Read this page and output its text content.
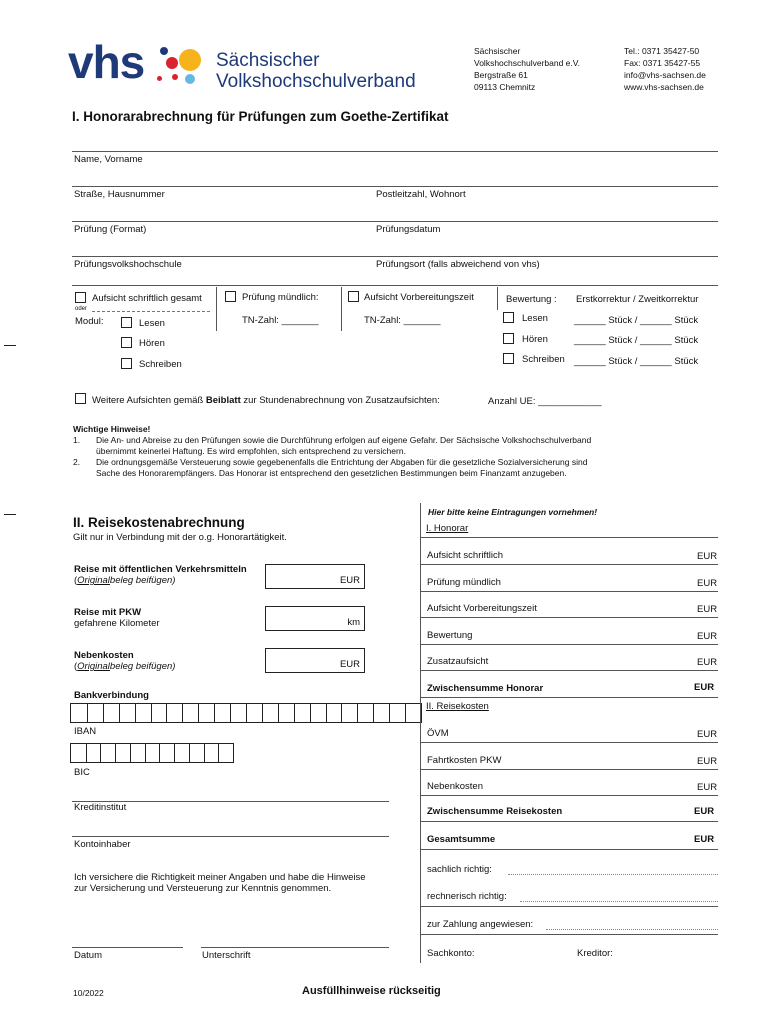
vhs	Sächsischer
Volkshochschulverband
Sächsischer
Volkshochschulverband e.V.
Bergstraße 61
09113 Chemnitz
Tel.: 0371 35427-50
Fax: 0371 35427-55
info@vhs-sachsen.de
www.vhs-sachsen.de
I. Honorarabrechnung für Prüfungen zum Goethe-Zertifikat
Name, Vorname
Straße, Hausnummer	Postleitzahl, Wohnort
Prüfung (Format)	Prüfungsdatum
Prüfungsvolkshochschule	Prüfungsort (falls abweichend von vhs)
Aufsicht schriftlich gesamt
oder
Modul:	Lesen
Hören
Schreiben
Prüfung mündlich:
TN-Zahl: _______
Aufsicht Vorbereitungszeit
TN-Zahl: _______
Bewertung : Erstkorrektur / Zweitkorrektur
Lesen	______ Stück / ______ Stück
Hören	______ Stück / ______ Stück
Schreiben ______ Stück / ______ Stück
Weitere Aufsichten gemäß Beiblatt zur Stundenabrechnung von Zusatzaufsichten:	Anzahl UE: ____________
Wichtige Hinweise!
1. Die An- und Abreise zu den Prüfungen sowie die Durchführung erfolgen auf eigene Gefahr. Der Sächsische Volkshochschulverband
übernimmt keinerlei Haftung. Es wird empfohlen, sich entsprechend zu versichern.
2. Die ordnungsgemäße Versteuerung sowie gegebenenfalls die Entrichtung der Abgaben für die gesetzliche Sozialversicherung sind
Sache des Honorarempfängers. Das Honorar ist entsprechend den gesetzlichen Bestimmungen beim Finanzamt anzugeben.
II. Reisekostenabrechnung
Gilt nur in Verbindung mit der o.g. Honorartätigkeit.
Reise mit öffentlichen Verkehrsmitteln
(Originalbeleg beifügen)	EUR
Reise mit PKW
gefahrene Kilometer	km
Nebenkosten
(Originalbeleg beifügen)	EUR
Bankverbindung
IBAN
BIC
Kreditinstitut
Kontoinhaber
Ich versichere die Richtigkeit meiner Angaben und habe die Hinweise
zur Versicherung und Versteuerung zur Kenntnis genommen.
Datum	Unterschrift
Hier bitte keine Eintragungen vornehmen!
I. Honorar
Aufsicht schriftlich	EUR
Prüfung mündlich	EUR
Aufsicht Vorbereitungszeit	EUR
Bewertung	EUR
Zusatzaufsicht	EUR
Zwischensumme Honorar	EUR
II. Reisekosten
ÖVM	EUR
Fahrtkosten PKW	EUR
Nebenkosten	EUR
Zwischensumme Reisekosten	EUR
Gesamtsumme	EUR
sachlich richtig:
rechnerisch richtig:
zur Zahlung angewiesen:
Sachkonto:	Kreditor:
10/2022	Ausfüllhinweise rückseitig
